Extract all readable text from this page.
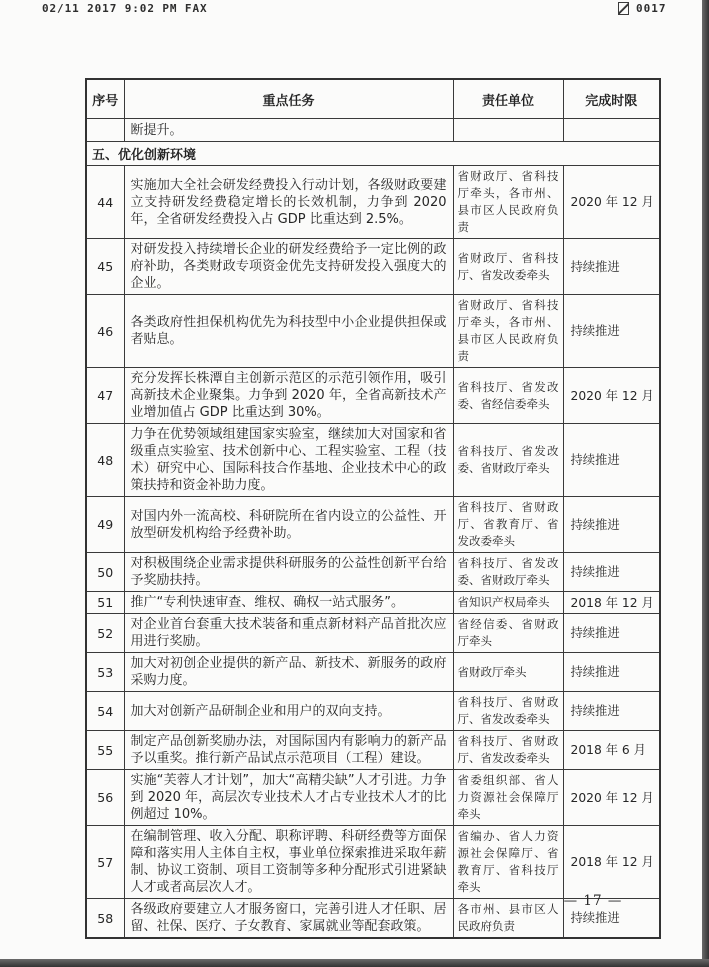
02/11 2017 9:02 PM FAX	0017
序号	重点任务	责任单位	完成时限
	断提升。		
五、优化创新环境			
44	实施加大全社会研发经费投入行动计划，各级财政要建立支持研发经费稳定增长的长效机制，力争到 2020 年，全省研发经费投入占 GDP 比重达到 2.5%。	省财政厅、省科技厅牵头，各市州、县市区人民政府负责	2020 年 12 月
45	对研发投入持续增长企业的研发经费给予一定比例的政府补助，各类财政专项资金优先支持研发投入强度大的企业。	省财政厅、省科技厅、省发改委牵头	持续推进
46	各类政府性担保机构优先为科技型中小企业提供担保或者贴息。	省财政厅、省科技厅牵头，各市州、县市区人民政府负责	持续推进
47	充分发挥长株潭自主创新示范区的示范引领作用，吸引高新技术企业聚集。力争到 2020 年，全省高新技术产业增加值占 GDP 比重达到 30%。	省科技厅、省发改委、省经信委牵头	2020 年 12 月
48	力争在优势领域组建国家实验室，继续加大对国家和省级重点实验室、技术创新中心、工程实验室、工程（技术）研究中心、国际科技合作基地、企业技术中心的政策扶持和资金补助力度。	省科技厅、省发改委、省财政厅牵头	持续推进
49	对国内外一流高校、科研院所在省内设立的公益性、开放型研发机构给予经费补助。	省科技厅、省财政厅、省教育厅、省发改委牵头	持续推进
50	对积极围绕企业需求提供科研服务的公益性创新平台给予奖励扶持。	省科技厅、省发改委、省财政厅牵头	持续推进
51	推广“专利快速审查、维权、确权一站式服务”。	省知识产权局牵头	2018 年 12 月
52	对企业首台套重大技术装备和重点新材料产品首批次应用进行奖励。	省经信委、省财政厅牵头	持续推进
53	加大对初创企业提供的新产品、新技术、新服务的政府采购力度。	省财政厅牵头	持续推进
54	加大对创新产品研制企业和用户的双向支持。	省科技厅、省财政厅、省发改委牵头	持续推进
55	制定产品创新奖励办法，对国际国内有影响力的新产品予以重奖。推行新产品试点示范项目（工程）建设。	省科技厅、省财政厅、省发改委牵头	2018 年 6 月
56	实施“芙蓉人才计划”，加大“高精尖缺”人才引进。力争到 2020 年，高层次专业技术人才占专业技术人才的比例超过 10%。	省委组织部、省人力资源社会保障厅牵头	2020 年 12 月
57	在编制管理、收入分配、职称评聘、科研经费等方面保障和落实用人主体自主权，事业单位探索推进采取年薪制、协议工资制、项目工资制等多种分配形式引进紧缺人才或者高层次人才。	省编办、省人力资源社会保障厅、省教育厅、省科技厅牵头	2018 年 12 月
58	各级政府要建立人才服务窗口，完善引进人才任职、居留、社保、医疗、子女教育、家属就业等配套政策。	各市州、县市区人民政府负责	持续推进
— 17 —
